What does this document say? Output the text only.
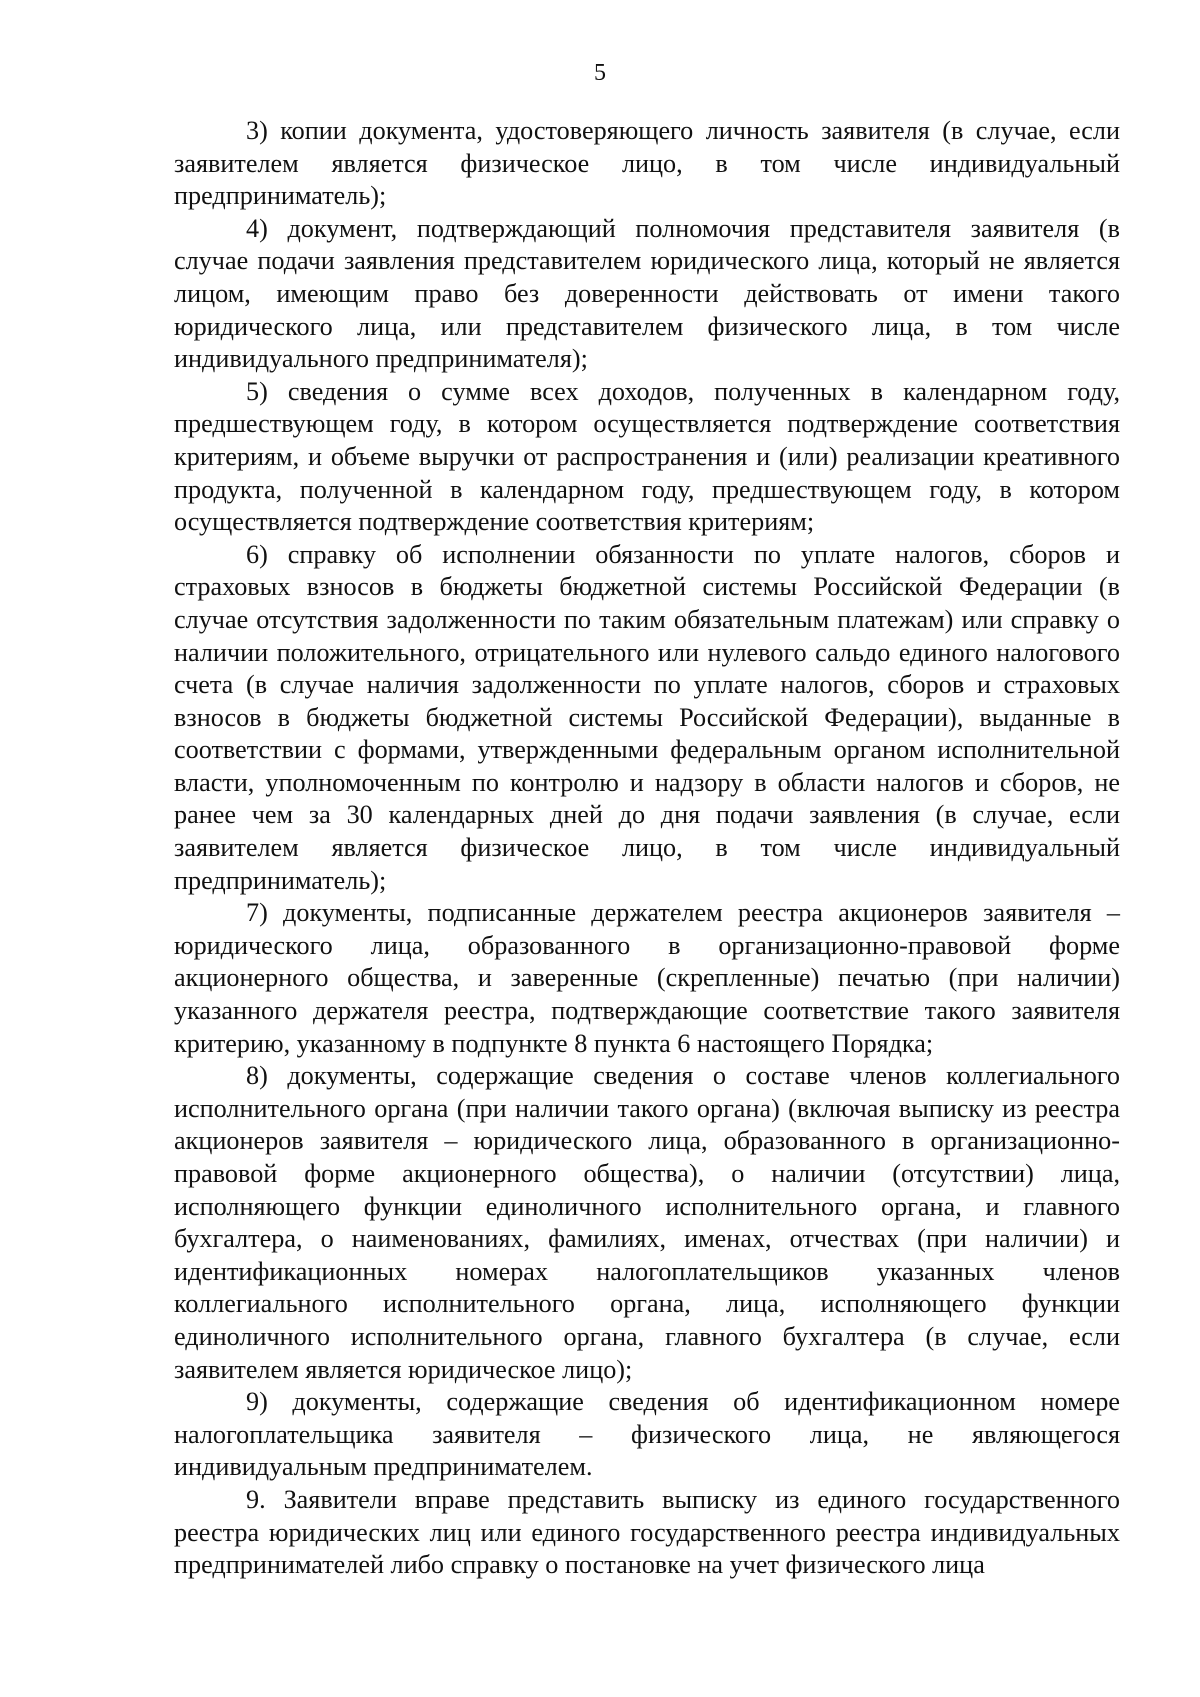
5

3) копии документа, удостоверяющего личность заявителя (в случае, если заявителем является физическое лицо, в том числе индивидуальный предприниматель);

4) документ, подтверждающий полномочия представителя заявителя (в случае подачи заявления представителем юридического лица, который не является лицом, имеющим право без доверенности действовать от имени такого юридического лица, или представителем физического лица, в том числе индивидуального предпринимателя);

5) сведения о сумме всех доходов, полученных в календарном году, предшествующем году, в котором осуществляется подтверждение соответствия критериям, и объеме выручки от распространения и (или) реализации креативного продукта, полученной в календарном году, предшествующем году, в котором осуществляется подтверждение соответствия критериям;

6) справку об исполнении обязанности по уплате налогов, сборов и страховых взносов в бюджеты бюджетной системы Российской Федерации (в случае отсутствия задолженности по таким обязательным платежам) или справку о наличии положительного, отрицательного или нулевого сальдо единого налогового счета (в случае наличия задолженности по уплате налогов, сборов и страховых взносов в бюджеты бюджетной системы Российской Федерации), выданные в соответствии с формами, утвержденными федеральным органом исполнительной власти, уполномоченным по контролю и надзору в области налогов и сборов, не ранее чем за 30 календарных дней до дня подачи заявления (в случае, если заявителем является физическое лицо, в том числе индивидуальный предприниматель);

7) документы, подписанные держателем реестра акционеров заявителя – юридического лица, образованного в организационно-правовой форме акционерного общества, и заверенные (скрепленные) печатью (при наличии) указанного держателя реестра, подтверждающие соответствие такого заявителя критерию, указанному в подпункте 8 пункта 6 настоящего Порядка;

8) документы, содержащие сведения о составе членов коллегиального исполнительного органа (при наличии такого органа) (включая выписку из реестра акционеров заявителя – юридического лица, образованного в организационно-правовой форме акционерного общества), о наличии (отсутствии) лица, исполняющего функции единоличного исполнительного органа, и главного бухгалтера, о наименованиях, фамилиях, именах, отчествах (при наличии) и идентификационных номерах налогоплательщиков указанных членов коллегиального исполнительного органа, лица, исполняющего функции единоличного исполнительного органа, главного бухгалтера (в случае, если заявителем является юридическое лицо);

9) документы, содержащие сведения об идентификационном номере налогоплательщика заявителя – физического лица, не являющегося индивидуальным предпринимателем.

9. Заявители вправе представить выписку из единого государственного реестра юридических лиц или единого государственного реестра индивидуальных предпринимателей либо справку о постановке на учет физического лица
